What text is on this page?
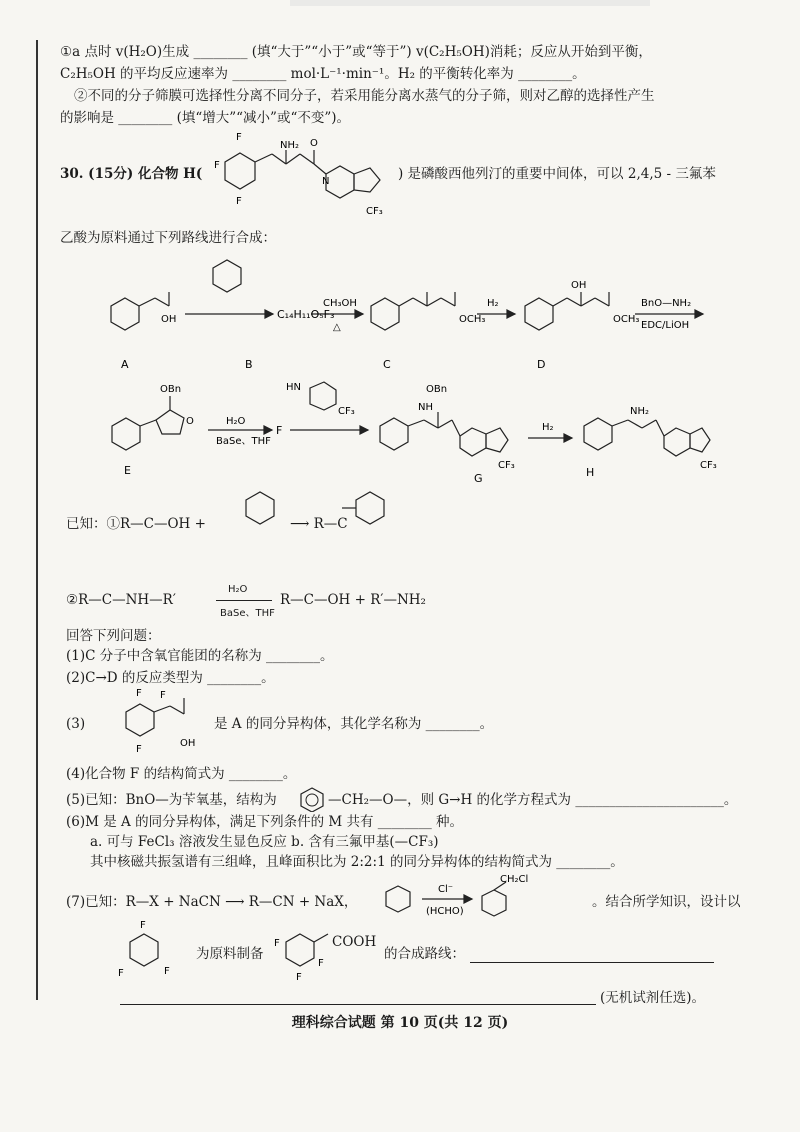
①a 点时 v(H₂O)生成 ________ (填“大于”“小于”或“等于”) v(C₂H₅OH)消耗；反应从开始到平衡，
C₂H₅OH 的平均反应速率为 ________ mol·L⁻¹·min⁻¹。H₂ 的平衡转化率为 ________。
②不同的分子筛膜可选择性分离不同分子，若采用能分离水蒸气的分子筛，则对乙醇的选择性产生
的影响是 ________ (填“增大”“减小”或“不变”)。
30. (15分) 化合物 H(	) 是磷酸西他列汀的重要中间体，可以 2,4,5 - 三氟苯
乙酸为原料通过下列路线进行合成：
F
F
F
NH₂ O
N
CF₃
OH
A	B
C₁₄H₁₁O₅F₃
CH₃OH
△
OCH₃
C
H₂
OH
OCH₃
D
BnO—NH₂
EDC/LiOH
OBn
O
E
H₂O
BaSe、THF
F
HN
CF₃
OBn
NH
CF₃
G
H₂
NH₂
CF₃
H
已知：①R—C—OH +	⟶ R—C
②R—C—NH—R′
H₂O
BaSe、THF
R—C—OH + R′—NH₂
回答下列问题：
(1)C 分子中含氧官能团的名称为 ________。
(2)C→D 的反应类型为 ________。
(3)
F F
F
OH
是 A 的同分异构体，其化学名称为 ________。
(4)化合物 F 的结构简式为 ________。
(5)已知：BnO—为苄氧基，结构为	—CH₂—O—，则 G→H 的化学方程式为 ______________________。
(6)M 是 A 的同分异构体，满足下列条件的 M 共有 ________ 种。
a. 可与 FeCl₃ 溶液发生显色反应 b. 含有三氟甲基(—CF₃)
其中核磁共振氢谱有三组峰，且峰面积比为 2:2:1 的同分异构体的结构简式为 ________。
(7)已知：R—X + NaCN ⟶ R—CN + NaX，
Cl⁻
(HCHO)
CH₂Cl
。结合所学知识，设计以
F
F	F
为原料制备
F
F
F
COOH
的合成路线：
(无机试剂任选)。
理科综合试题 第 10 页(共 12 页)
